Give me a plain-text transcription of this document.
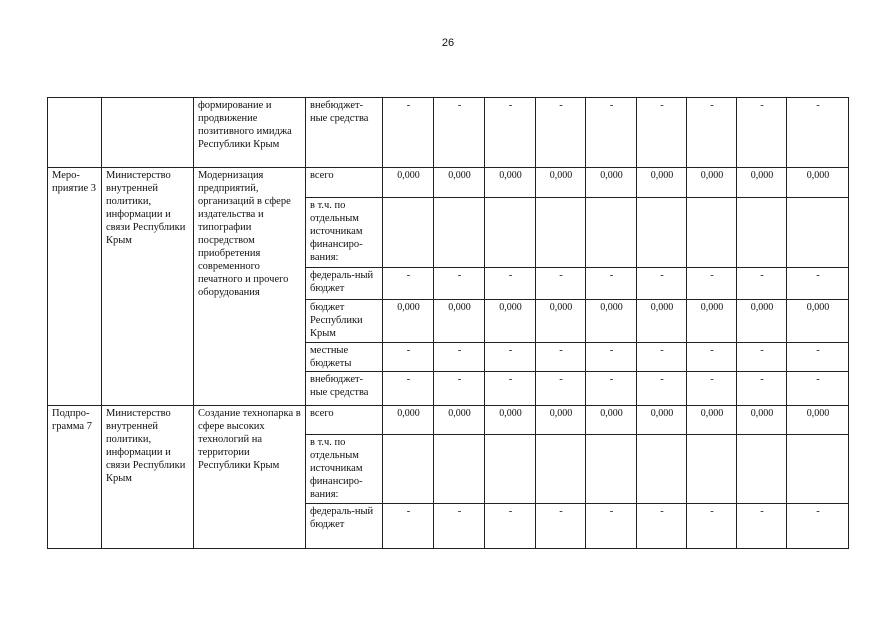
26
		формирование и продвижение позитивного имиджа Республики Крым	внебюджет-ные средства	-	-	-	-	-	-	-	-	-
Меро-приятие 3	Министерство внутренней политики, информации и связи Республики Крым	Модернизация предприятий, организаций в сфере издательства и типографии посредством приобретения современного печатного и прочего оборудования	всего	0,000	0,000	0,000	0,000	0,000	0,000	0,000	0,000	0,000
			в т.ч. по отдельным источникам финансиро-вания:									
			федераль-ный бюджет	-	-	-	-	-	-	-	-	-
			бюджет Республики Крым	0,000	0,000	0,000	0,000	0,000	0,000	0,000	0,000	0,000
			местные бюджеты	-	-	-	-	-	-	-	-	-
			внебюджет-ные средства	-	-	-	-	-	-	-	-	-
Подпро-грамма 7	Министерство внутренней политики, информации и связи Республики Крым	Создание технопарка в сфере высоких технологий на территории Республики Крым	всего	0,000	0,000	0,000	0,000	0,000	0,000	0,000	0,000	0,000
			в т.ч. по отдельным источникам финансиро-вания:									
			федераль-ный бюджет	-	-	-	-	-	-	-	-	-
